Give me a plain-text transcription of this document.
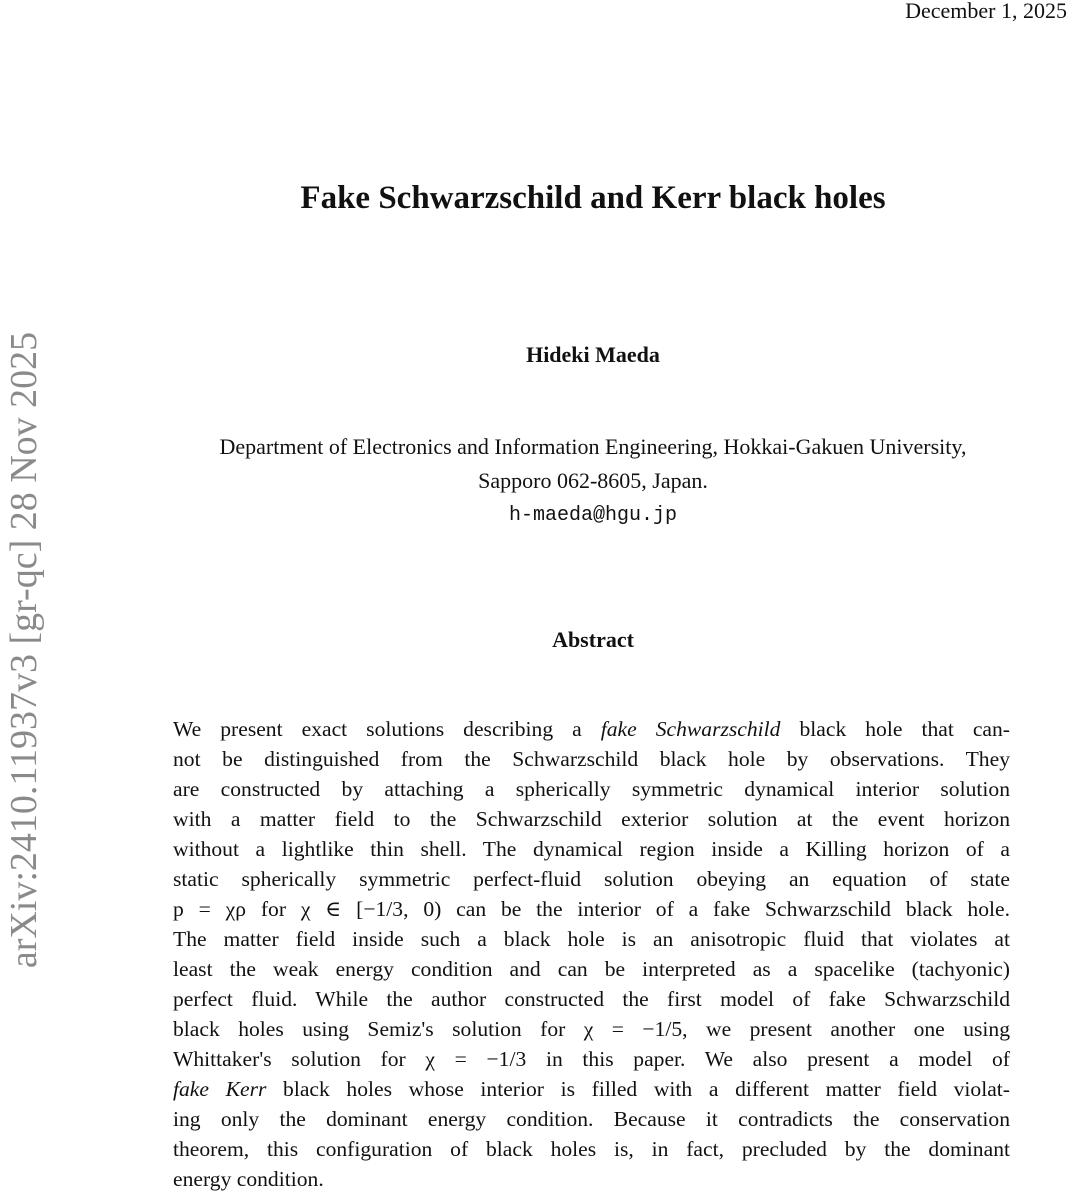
arXiv:2410.11937v3 [gr-qc] 28 Nov 2025
December 1, 2025
Fake Schwarzschild and Kerr black holes
Hideki Maeda
Department of Electronics and Information Engineering, Hokkai-Gakuen University,
Sapporo 062-8605, Japan.
h-maeda@hgu.jp
Abstract
We present exact solutions describing a fake Schwarzschild black hole that can-
not be distinguished from the Schwarzschild black hole by observations. They
are constructed by attaching a spherically symmetric dynamical interior solution
with a matter field to the Schwarzschild exterior solution at the event horizon
without a lightlike thin shell. The dynamical region inside a Killing horizon of a
static spherically symmetric perfect-fluid solution obeying an equation of state
p = χρ for χ ∈ [−1/3, 0) can be the interior of a fake Schwarzschild black hole.
The matter field inside such a black hole is an anisotropic fluid that violates at
least the weak energy condition and can be interpreted as a spacelike (tachyonic)
perfect fluid. While the author constructed the first model of fake Schwarzschild
black holes using Semiz's solution for χ = −1/5, we present another one using
Whittaker's solution for χ = −1/3 in this paper. We also present a model of
fake Kerr black holes whose interior is filled with a different matter field violat-
ing only the dominant energy condition. Because it contradicts the conservation
theorem, this configuration of black holes is, in fact, precluded by the dominant
energy condition.
